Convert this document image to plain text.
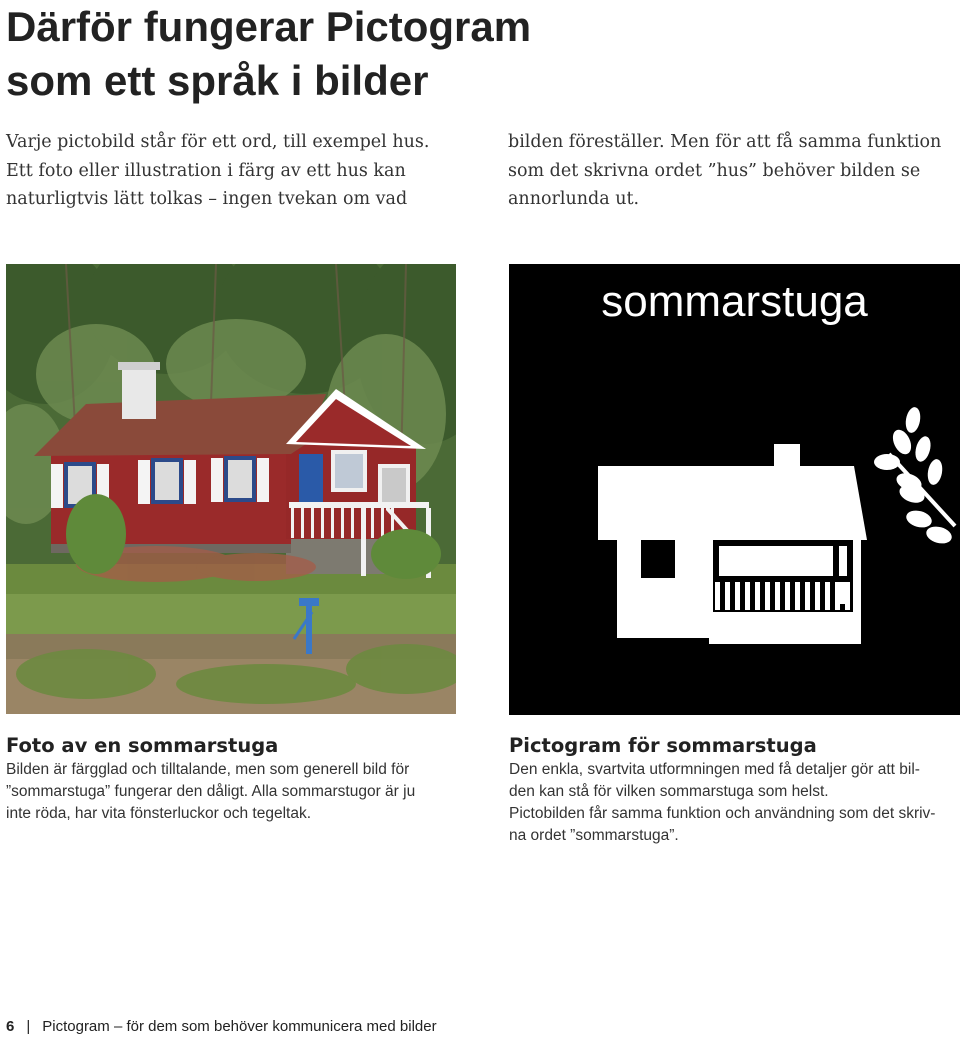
Därför fungerar Pictogram
som ett språk i bilder
Varje pictobild står för ett ord, till exempel hus.
Ett foto eller illustration i färg av ett hus kan
naturligtvis lätt tolkas – ingen tvekan om vad
bilden föreställer. Men för att få samma funktion
som det skrivna ordet ”hus” behöver bilden se
annorlunda ut.
sommarstuga
Foto av en sommarstuga
Bilden är färgglad och tilltalande, men som generell bild för
”sommarstuga” fungerar den dåligt. Alla sommarstugor är ju
inte röda, har vita fönsterluckor och tegeltak.
Pictogram för sommarstuga
Den enkla, svartvita utformningen med få detaljer gör att bil-
den kan stå för vilken sommarstuga som helst.
Pictobilden får samma funktion och användning som det skriv-
na ordet ”sommarstuga”.
6 | Pictogram – för dem som behöver kommunicera med bilder
